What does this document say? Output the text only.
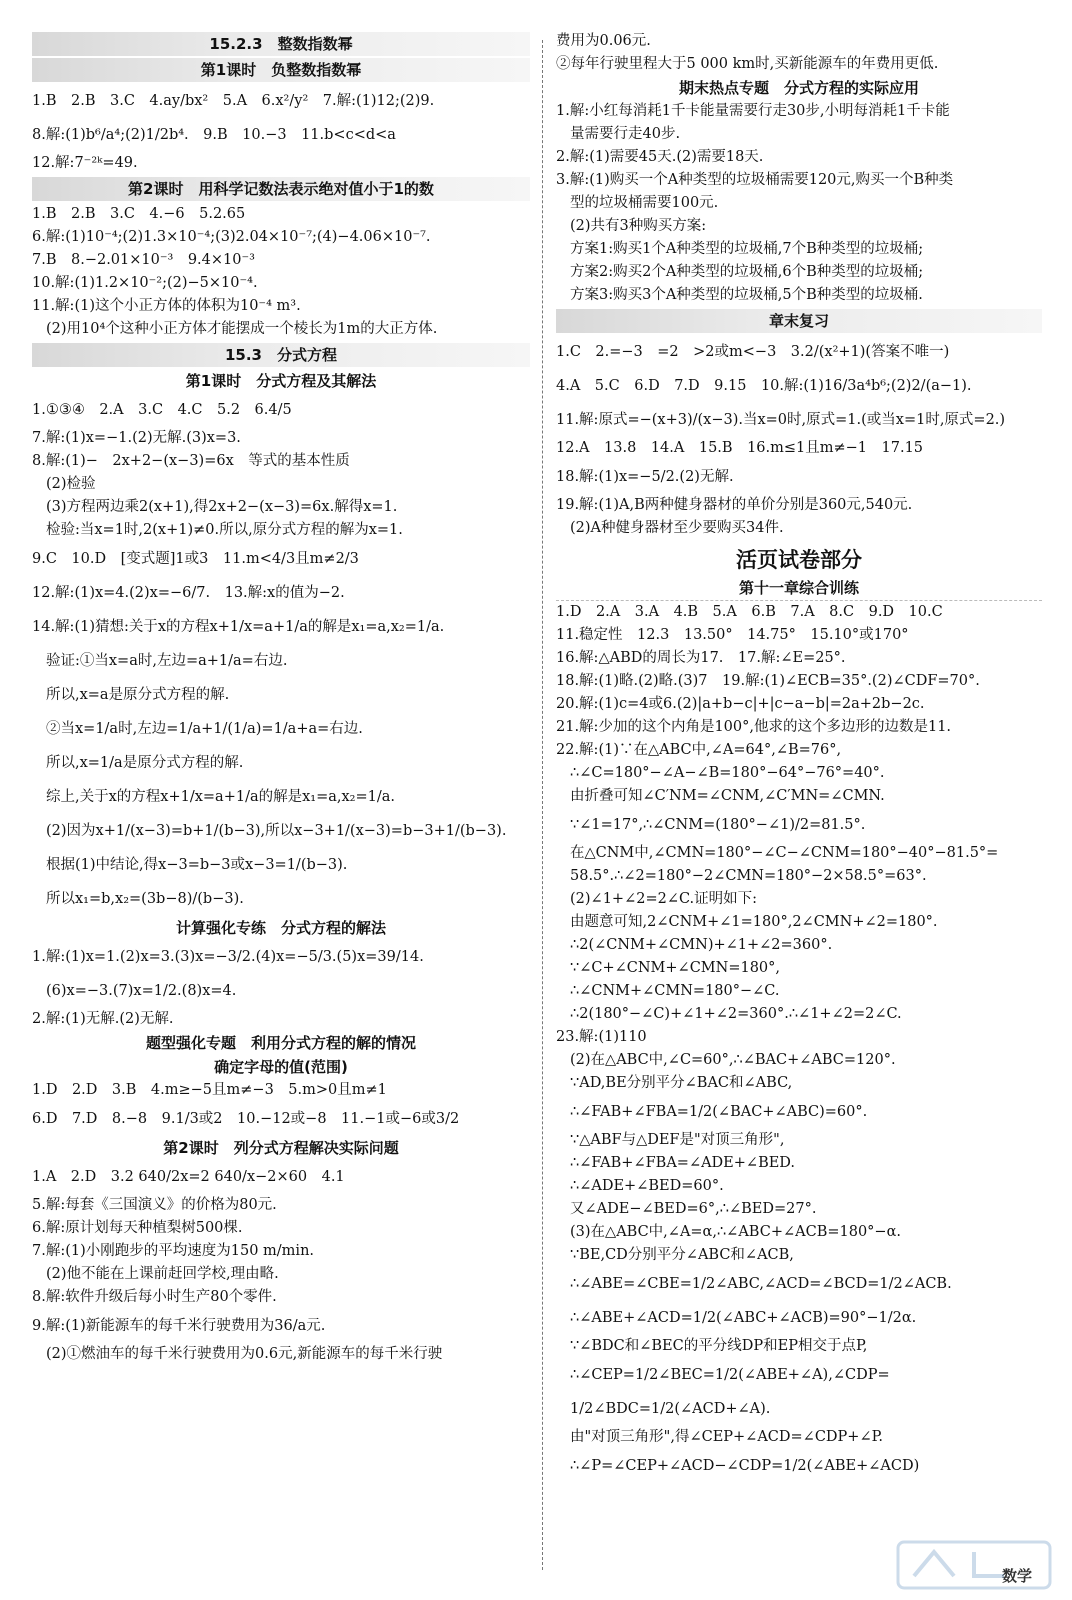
15.2.3　整数指数幂
第1课时　负整数指数幂
1.B　2.B　3.C　4.ay/bx²　5.A　6.x²/y²　7.解:(1)12;(2)9.
8.解:(1)b⁶/a⁴;(2)1/2b⁴.　9.B　10.−3　11.b<c<d<a
12.解:7⁻²ᵏ=49.
第2课时　用科学记数法表示绝对值小于1的数
1.B　2.B　3.C　4.−6　5.2.65
6.解:(1)10⁻⁴;(2)1.3×10⁻⁴;(3)2.04×10⁻⁷;(4)−4.06×10⁻⁷.
7.B　8.−2.01×10⁻³　9.4×10⁻³
10.解:(1)1.2×10⁻²;(2)−5×10⁻⁴.
11.解:(1)这个小正方体的体积为10⁻⁴ m³.
(2)用10⁴个这种小正方体才能摆成一个棱长为1m的大正方体.
15.3　分式方程
第1课时　分式方程及其解法
1.①③④　2.A　3.C　4.C　5.2　6.4/5
7.解:(1)x=−1.(2)无解.(3)x=3.
8.解:(1)−　2x+2−(x−3)=6x　等式的基本性质
(2)检验
(3)方程两边乘2(x+1),得2x+2−(x−3)=6x.解得x=1.
检验:当x=1时,2(x+1)≠0.所以,原分式方程的解为x=1.
9.C　10.D　[变式题]1或3　11.m<4/3且m≠2/3
12.解:(1)x=4.(2)x=−6/7.　13.解:x的值为−2.
14.解:(1)猜想:关于x的方程x+1/x=a+1/a的解是x₁=a,x₂=1/a.
验证:①当x=a时,左边=a+1/a=右边.
所以,x=a是原分式方程的解.
②当x=1/a时,左边=1/a+1/(1/a)=1/a+a=右边.
所以,x=1/a是原分式方程的解.
综上,关于x的方程x+1/x=a+1/a的解是x₁=a,x₂=1/a.
(2)因为x+1/(x−3)=b+1/(b−3),所以x−3+1/(x−3)=b−3+1/(b−3).
根据(1)中结论,得x−3=b−3或x−3=1/(b−3).
所以x₁=b,x₂=(3b−8)/(b−3).
计算强化专练　分式方程的解法
1.解:(1)x=1.(2)x=3.(3)x=−3/2.(4)x=−5/3.(5)x=39/14.
(6)x=−3.(7)x=1/2.(8)x=4.
2.解:(1)无解.(2)无解.
题型强化专题　利用分式方程的解的情况
确定字母的值(范围)
1.D　2.D　3.B　4.m≥−5且m≠−3　5.m>0且m≠1
6.D　7.D　8.−8　9.1/3或2　10.−12或−8　11.−1或−6或3/2
第2课时　列分式方程解决实际问题
1.A　2.D　3.2 640/2x=2 640/x−2×60　4.1
5.解:每套《三国演义》的价格为80元.
6.解:原计划每天种植梨树500棵.
7.解:(1)小刚跑步的平均速度为150 m/min.
(2)他不能在上课前赶回学校,理由略.
8.解:软件升级后每小时生产80个零件.
9.解:(1)新能源车的每千米行驶费用为36/a元.
(2)①燃油车的每千米行驶费用为0.6元,新能源车的每千米行驶
费用为0.06元.
②每年行驶里程大于5 000 km时,买新能源车的年费用更低.
期末热点专题　分式方程的实际应用
1.解:小红每消耗1千卡能量需要行走30步,小明每消耗1千卡能
量需要行走40步.
2.解:(1)需要45天.(2)需要18天.
3.解:(1)购买一个A种类型的垃圾桶需要120元,购买一个B种类
型的垃圾桶需要100元.
(2)共有3种购买方案:
方案1:购买1个A种类型的垃圾桶,7个B种类型的垃圾桶;
方案2:购买2个A种类型的垃圾桶,6个B种类型的垃圾桶;
方案3:购买3个A种类型的垃圾桶,5个B种类型的垃圾桶.
章末复习
1.C　2.=−3　=2　>2或m<−3　3.2/(x²+1)(答案不唯一)
4.A　5.C　6.D　7.D　9.15　10.解:(1)16/3a⁴b⁶;(2)2/(a−1).
11.解:原式=−(x+3)/(x−3).当x=0时,原式=1.(或当x=1时,原式=2.)
12.A　13.8　14.A　15.B　16.m≤1且m≠−1　17.15
18.解:(1)x=−5/2.(2)无解.
19.解:(1)A,B两种健身器材的单价分别是360元,540元.
(2)A种健身器材至少要购买34件.
活页试卷部分
第十一章综合训练
1.D　2.A　3.A　4.B　5.A　6.B　7.A　8.C　9.D　10.C
11.稳定性　12.3　13.50°　14.75°　15.10°或170°
16.解:△ABD的周长为17.　17.解:∠E=25°.
18.解:(1)略.(2)略.(3)7　19.解:(1)∠ECB=35°.(2)∠CDF=70°.
20.解:(1)c=4或6.(2)|a+b−c|+|c−a−b|=2a+2b−2c.
21.解:少加的这个内角是100°,他求的这个多边形的边数是11.
22.解:(1)∵在△ABC中,∠A=64°,∠B=76°,
∴∠C=180°−∠A−∠B=180°−64°−76°=40°.
由折叠可知∠C′NM=∠CNM,∠C′MN=∠CMN.
∵∠1=17°,∴∠CNM=(180°−∠1)/2=81.5°.
在△CNM中,∠CMN=180°−∠C−∠CNM=180°−40°−81.5°=
58.5°.∴∠2=180°−2∠CMN=180°−2×58.5°=63°.
(2)∠1+∠2=2∠C.证明如下:
由题意可知,2∠CNM+∠1=180°,2∠CMN+∠2=180°.
∴2(∠CNM+∠CMN)+∠1+∠2=360°.
∵∠C+∠CNM+∠CMN=180°,
∴∠CNM+∠CMN=180°−∠C.
∴2(180°−∠C)+∠1+∠2=360°.∴∠1+∠2=2∠C.
23.解:(1)110
(2)在△ABC中,∠C=60°,∴∠BAC+∠ABC=120°.
∵AD,BE分别平分∠BAC和∠ABC,
∴∠FAB+∠FBA=1/2(∠BAC+∠ABC)=60°.
∵△ABF与△DEF是"对顶三角形",
∴∠FAB+∠FBA=∠ADE+∠BED.
∴∠ADE+∠BED=60°.
又∠ADE−∠BED=6°,∴∠BED=27°.
(3)在△ABC中,∠A=α,∴∠ABC+∠ACB=180°−α.
∵BE,CD分别平分∠ABC和∠ACB,
∴∠ABE=∠CBE=1/2∠ABC,∠ACD=∠BCD=1/2∠ACB.
∴∠ABE+∠ACD=1/2(∠ABC+∠ACB)=90°−1/2α.
∵∠BDC和∠BEC的平分线DP和EP相交于点P,
∴∠CEP=1/2∠BEC=1/2(∠ABE+∠A),∠CDP=
1/2∠BDC=1/2(∠ACD+∠A).
由"对顶三角形",得∠CEP+∠ACD=∠CDP+∠P.
∴∠P=∠CEP+∠ACD−∠CDP=1/2(∠ABE+∠ACD)
数学
